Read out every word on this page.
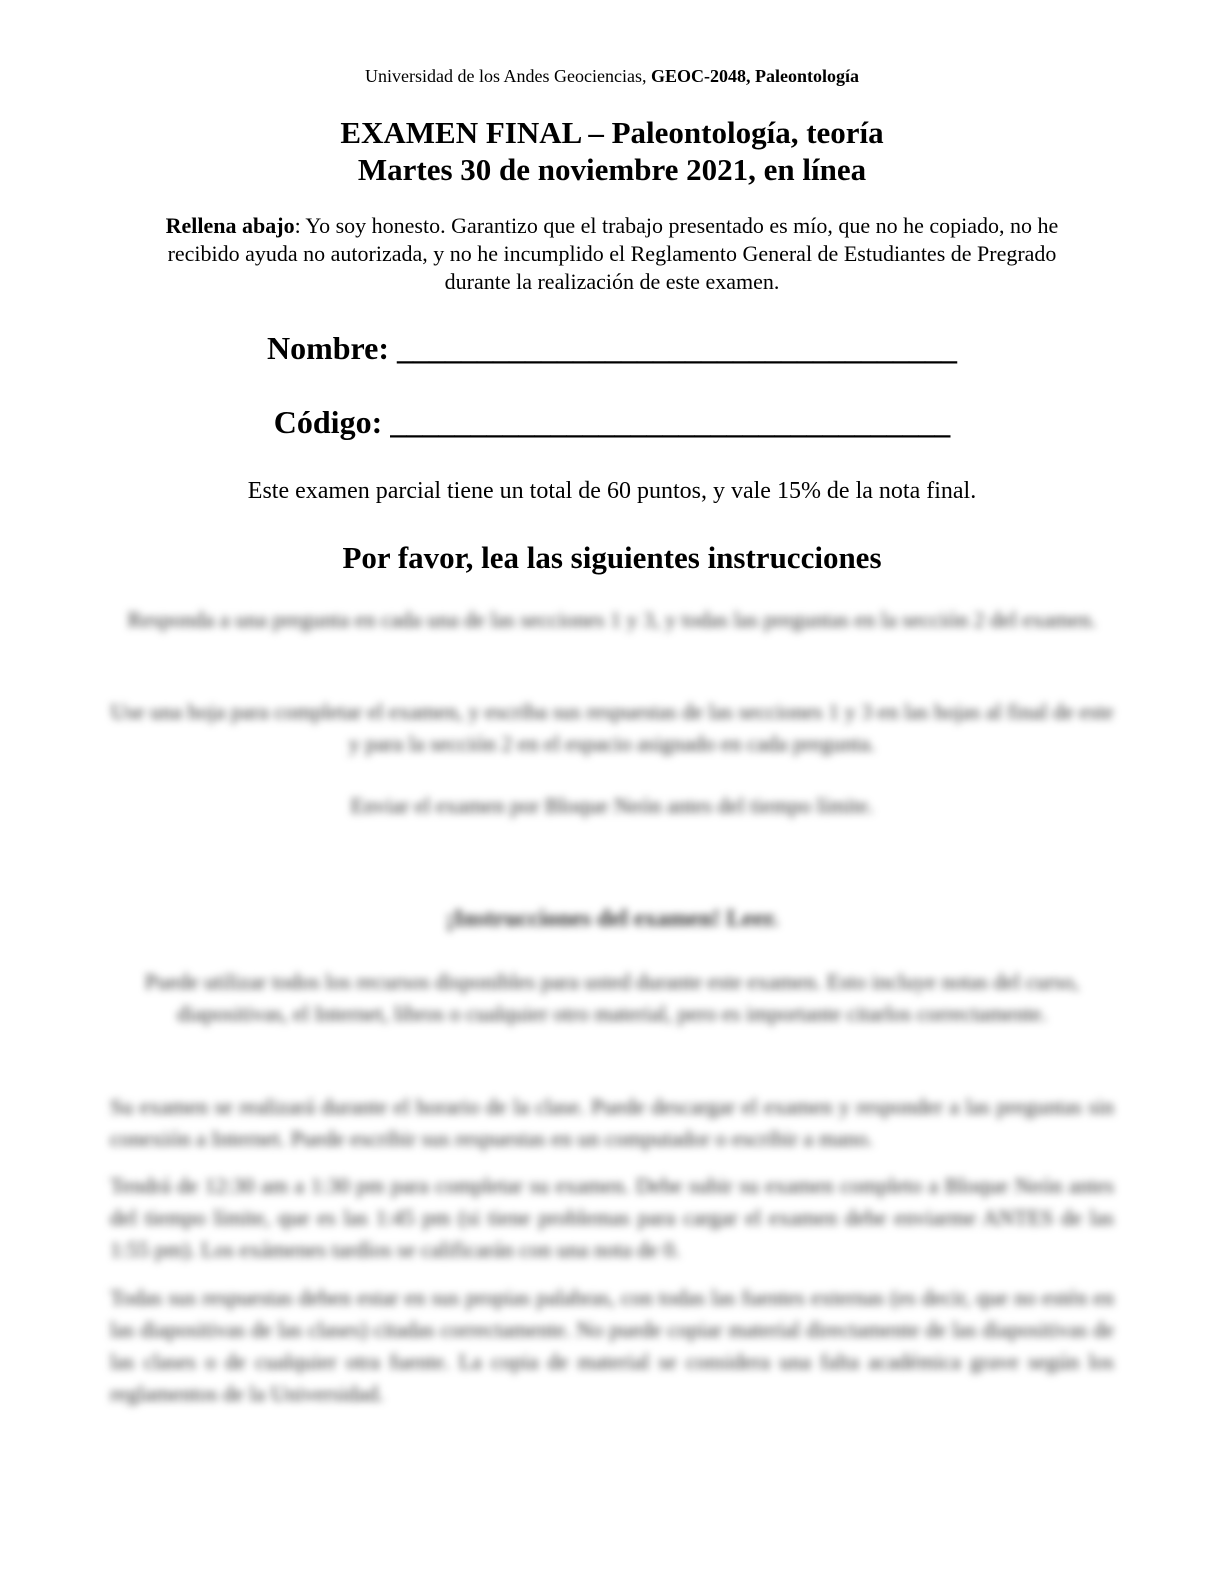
Universidad de los Andes Geociencias, GEOC-2048, Paleontología
EXAMEN FINAL – Paleontología, teoría
Martes 30 de noviembre 2021, en línea
Rellena abajo: Yo soy honesto. Garantizo que el trabajo presentado es mío, que no he copiado, no he recibido ayuda no autorizada, y no he incumplido el Reglamento General de Estudiantes de Pregrado durante la realización de este examen.
Nombre: ___________________________________
Código: ___________________________________
Este examen parcial tiene un total de 60 puntos, y vale 15% de la nota final.
Por favor, lea las siguientes instrucciones
Responda a una pregunta en cada una de las secciones 1 y 3, y todas las preguntas en la sección 2 del examen.
Use una hoja para completar el examen, y escriba sus respuestas de las secciones 1 y 3 en las hojas al final de este y para la sección 2 en el espacio asignado en cada pregunta.
Enviar el examen por Bloque Neón antes del tiempo límite.
¡Instrucciones del examen! Leer.
Puede utilizar todos los recursos disponibles para usted durante este examen. Esto incluye notas del curso, diapositivas, el Internet, libros o cualquier otro material, pero es importante citarlos correctamente.
Su examen se realizará durante el horario de la clase. Puede descargar el examen y responder a las preguntas sin conexión a Internet. Puede escribir sus respuestas en un computador o escribir a mano.
Tendrá de 12:30 am a 1:30 pm para completar su examen. Debe subir su examen completo a Bloque Neón antes del tiempo límite, que es las 1:45 pm (si tiene problemas para cargar el examen debe enviarme ANTES de las 1:55 pm). Los exámenes tardíos se calificarán con una nota de 0.
Todas sus respuestas deben estar en sus propias palabras, con todas las fuentes externas (es decir, que no estén en las diapositivas de las clases) citadas correctamente. No puede copiar material directamente de las diapositivas de las clases o de cualquier otra fuente. La copia de material se considera una falta académica grave según los reglamentos de la Universidad.
